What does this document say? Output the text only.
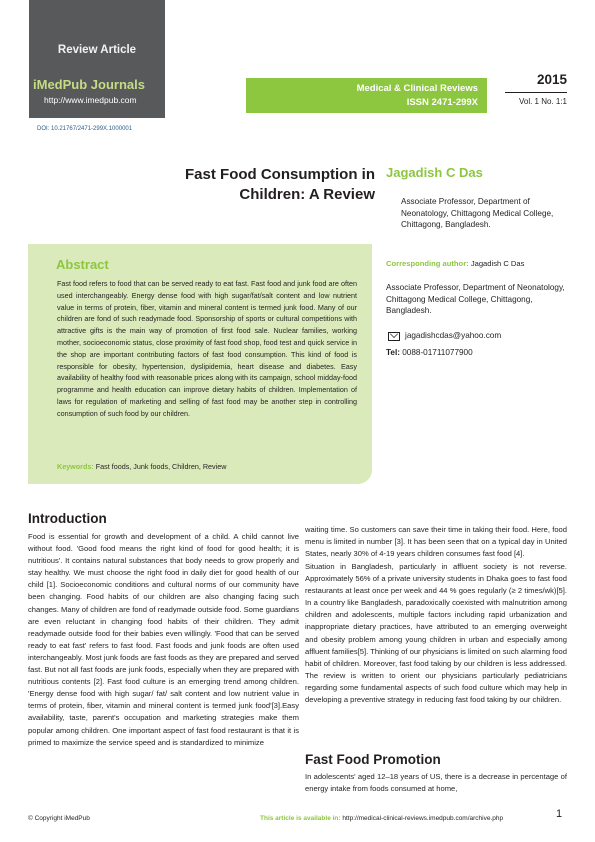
Review Article
iMedPub Journals
http://www.imedpub.com
Medical & Clinical Reviews
ISSN 2471-299X
2015
Vol. 1 No. 1:1
DOI: 10.21767/2471-299X.1000001
Fast Food Consumption in
Children: A Review
Jagadish C Das
Associate Professor, Department of Neonatology, Chittagong Medical College, Chittagong, Bangladesh.
Abstract
Fast food refers to food that can be served ready to eat fast. Fast food and junk food are often used interchangeably. Energy dense food with high sugar/fat/salt content and low nutrient value in terms of protein, fiber, vitamin and mineral content is termed junk food. Many of our children are fond of such readymade food. Sponsorship of sports or cultural competitions with attractive gifts is the main way of promotion of first food sale. Nuclear families, working mother, socioeconomic status, close proximity of fast food shop, food test and quick service in the shop are important contributing factors of fast food consumption. This kind of food is responsible for obesity, hypertension, dyslipidemia, heart disease and diabetes. Easy availability of healthy food with reasonable prices along with its campaign, school midday-food programme and health education can improve dietary habits of children. Implementation of laws for regulation of marketing and selling of fast food may be another step in controlling consumption of such food by our children.
Keywords: Fast foods, Junk foods, Children, Review
Corresponding author: Jagadish C Das
Associate Professor, Department of Neonatology, Chittagong Medical College, Chittagong, Bangladesh.
jagadishcdas@yahoo.com
Tel: 0088-01711077900
Introduction
Food is essential for growth and development of a child. A child cannot live without food. 'Good food means the right kind of food for good health; it is nutritious'. It contains natural substances that body needs to grow properly and stay healthy. We must choose the right food in daily diet for good health of our child [1]. Socioeconomic conditions and cultural norms of our community have been changing. Food habits of our children are also changing facing such changes. Many of children are fond of readymade outside food. Some guardians are even reluctant in changing food habits of their children. They admit readymade outside food for their babies even willingly. 'Food that can be served ready to eat fast' refers to fast food. Fast foods and junk foods are often used interchangeably. Most junk foods are fast foods as they are prepared and served fast. But not all fast foods are junk foods, especially when they are prepared with nutritious contents [2]. Fast food culture is an emerging trend among children. 'Energy dense food with high sugar/ fat/ salt content and low nutrient value in terms of protein, fiber, vitamin and mineral content is termed junk food'[3].Easy availability, taste, parent's occupation and marketing strategies make them popular among children. One important aspect of fast food restaurant is that it is primed to maximize the service speed and is standardized to minimize
waiting time. So customers can save their time in taking their food. Here, food menu is limited in number [3]. It has been seen that on a typical day in United States, nearly 30% of 4-19 years children consumes fast food [4].
Situation in Bangladesh, particularly in affluent society is not reverse. Approximately 56% of a private university students in Dhaka goes to fast food restaurants at least once per week and 44 % goes regularly (≥ 2 times/wk)[5]. In a country like Bangladesh, paradoxically coexisted with malnutrition among children and adolescents, multiple factors including rapid urbanization and inappropriate dietary practices, have attributed to an emerging overweight and obesity problem among young children in urban and especially among affluent families[5]. Thinking of our physicians is limited on such alarming food habit of children. Moreover, fast food taking by our children is less addressed. The review is written to orient our physicians particularly pediatricians regarding some fundamental aspects of such food culture which may help in developing a preventive strategy in reducing fast food taking by our children.
Fast Food Promotion
In adolescents' aged 12–18 years of US, there is a decrease in percentage of energy intake from foods consumed at home,
© Copyright iMedPub	This article is available in: http://medical-clinical-reviews.imedpub.com/archive.php	1
